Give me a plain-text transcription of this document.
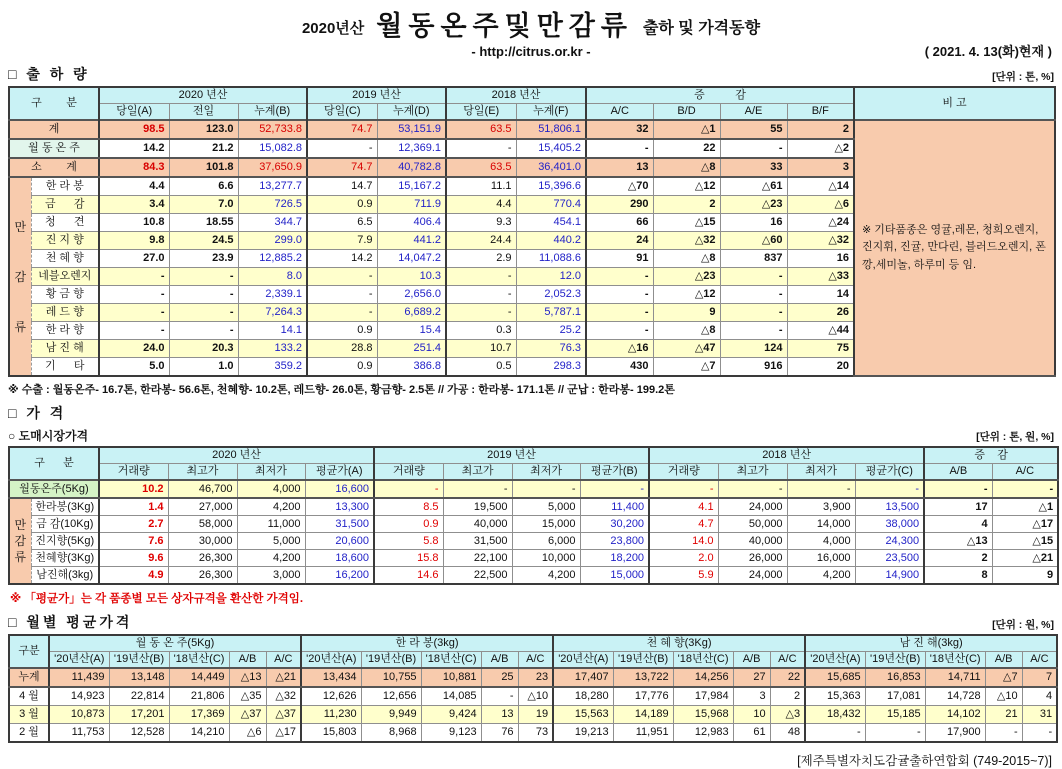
2020년산 월동온주및만감류 출하 및 가격동향
- http://citrus.or.kr -	( 2021. 4. 13(화)현재 )
□ 출 하 량	[단위 : 톤, %]
구        분		2020 년산			2019 년산		2018 년산		증          감				비 고
		당일(A)	전일	누계(B)	당일(C)	누계(D)	당일(E)	누계(F)	A/C	B/D	A/E	B/F	
계		98.5	123.0	52,733.8	74.7	53,151.9	63.5	51,806.1	32	△1	55	2	※ 기타품종은 영귤,레몬, 청희오렌지, 진지휘, 진귤, 만다린, 블러드오렌지, 폰깡,세미놀, 하루미 등 임.
월 동 온 주		14.2	21.2	15,082.8	-	12,369.1	-	15,405.2	-	22	-	△2	
소        계		84.3	101.8	37,650.9	74.7	40,782.8	63.5	36,401.0	13	△8	33	3	

만
감
류	한 라 봉	4.4	6.6	13,277.7	14.7	15,167.2	11.1	15,396.6	△70	△12	△61	△14	
	금      감	3.4	7.0	726.5	0.9	711.9	4.4	770.4	290	2	△23	△6	
	청      견	10.8	18.55	344.7	6.5	406.4	9.3	454.1	66	△15	16	△24	
	진 지 향	9.8	24.5	299.0	7.9	441.2	24.4	440.2	24	△32	△60	△32	
	천 혜 향	27.0	23.9	12,885.2	14.2	14,047.2	2.9	11,088.6	91	△8	837	16	
	네블오렌지	-	-	8.0	-	10.3	-	12.0	-	△23	-	△33	
	황 금 향	-	-	2,339.1	-	2,656.0	-	2,052.3	-	△12	-	14	
	레 드 향	-	-	7,264.3	-	6,689.2	-	5,787.1	-	9	-	26	
	한 라 향	-	-	14.1	0.9	15.4	0.3	25.2	-	△8	-	△44	
	남 진 해	24.0	20.3	133.2	28.8	251.4	10.7	76.3	△16	△47	124	75	
	기      타	5.0	1.0	359.2	0.9	386.8	0.5	298.3	430	△7	916	20	
※ 수출 : 월동온주- 16.7톤, 한라봉- 56.6톤, 천혜향- 10.2톤, 레드향- 26.0톤, 황금향- 2.5톤 // 가공 : 한라봉- 171.1톤 // 군납 : 한라봉- 199.2톤
□ 가 격
○ 도매시장가격	[단위 : 톤, 원, %]
구      분		2020 년산				2019 년산				2018 년산				증    감	
		거래량	최고가	최저가	평균가(A)	거래량	최고가	최저가	평균가(B)	거래량	최고가	최저가	평균가(C)	A/B	A/C
월동온주(5Kg)		10.2	46,700	4,000	16,600	-	-	-	-	-	-	-	-	-	-

만
감
류	한라봉(3Kg)	1.4	27,000	4,200	13,300	8.5	19,500	5,000	11,400	4.1	24,000	3,900	13,500	17	△1
	금 감(10Kg)	2.7	58,000	11,000	31,500	0.9	40,000	15,000	30,200	4.7	50,000	14,000	38,000	4	△17
	진지향(5Kg)	7.6	30,000	5,000	20,600	5.8	31,500	6,000	23,800	14.0	40,000	4,000	24,300	△13	△15
	천혜향(3Kg)	9.6	26,300	4,200	18,600	15.8	22,100	10,000	18,200	2.0	26,000	16,000	23,500	2	△21
	남진해(3kg)	4.9	26,300	3,000	16,200	14.6	22,500	4,200	15,000	5.9	24,000	4,200	14,900	8	9
※ 「평균가」는 각 품종별 모든 상자규격을 환산한 가격임.
□ 월별 평균가격	[단위 : 원, %]
구분	월 동 온 주(5Kg)					한 라 봉(3kg)					천 혜 향(3Kg)					남 진 해(3kg)				
	'20년산(A)	'19년산(B)	'18년산(C)	A/B	A/C	'20년산(A)	'19년산(B)	'18년산(C)	A/B	A/C	'20년산(A)	'19년산(B)	'18년산(C)	A/B	A/C	'20년산(A)	'19년산(B)	'18년산(C)	A/B	A/C
누계	11,439	13,148	14,449	△13	△21	13,434	10,755	10,881	25	23	17,407	13,722	14,256	27	22	15,685	16,853	14,711	△7	7
4 월	14,923	22,814	21,806	△35	△32	12,626	12,656	14,085	-	△10	18,280	17,776	17,984	3	2	15,363	17,081	14,728	△10	4
3 월	10,873	17,201	17,369	△37	△37	11,230	9,949	9,424	13	19	15,563	14,189	15,968	10	△3	18,432	15,185	14,102	21	31
2 월	11,753	12,528	14,210	△6	△17	15,803	8,968	9,123	76	73	19,213	11,951	12,983	61	48	-	-	17,900	-	-
[제주특별자치도감귤출하연합회 (749-2015~7)]
